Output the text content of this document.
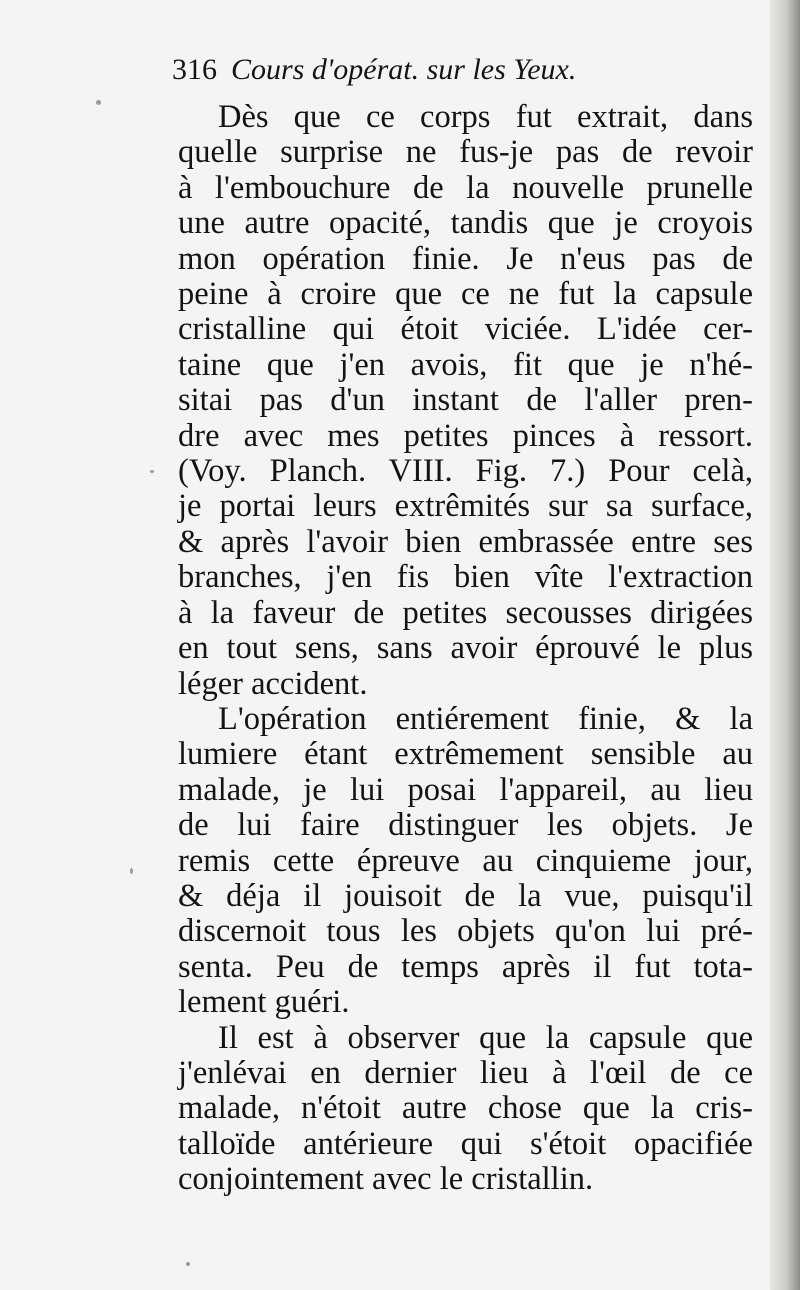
316 Cours d'opérat. sur les Yeux.

Dès que ce corps fut extrait, dans
quelle surprise ne fus-je pas de revoir
à l'embouchure de la nouvelle prunelle
une autre opacité, tandis que je croyois
mon opération finie. Je n'eus pas de
peine à croire que ce ne fut la capsule
cristalline qui étoit viciée. L'idée cer-
taine que j'en avois, fit que je n'hé-
sitai pas d'un instant de l'aller pren-
dre avec mes petites pinces à ressort.
(Voy. Planch. VIII. Fig. 7.) Pour celà,
je portai leurs extrêmités sur sa surface,
& après l'avoir bien embrassée entre ses
branches, j'en fis bien vîte l'extraction
à la faveur de petites secousses dirigées
en tout sens, sans avoir éprouvé le plus
léger accident.

L'opération entiérement finie, & la
lumiere étant extrêmement sensible au
malade, je lui posai l'appareil, au lieu
de lui faire distinguer les objets. Je
remis cette épreuve au cinquieme jour,
& déja il jouisoit de la vue, puisqu'il
discernoit tous les objets qu'on lui pré-
senta. Peu de temps après il fut tota-
lement guéri.

Il est à observer que la capsule que
j'enlévai en dernier lieu à l'œil de ce
malade, n'étoit autre chose que la cris-
talloïde antérieure qui s'étoit opacifiée
conjointement avec le cristallin.
